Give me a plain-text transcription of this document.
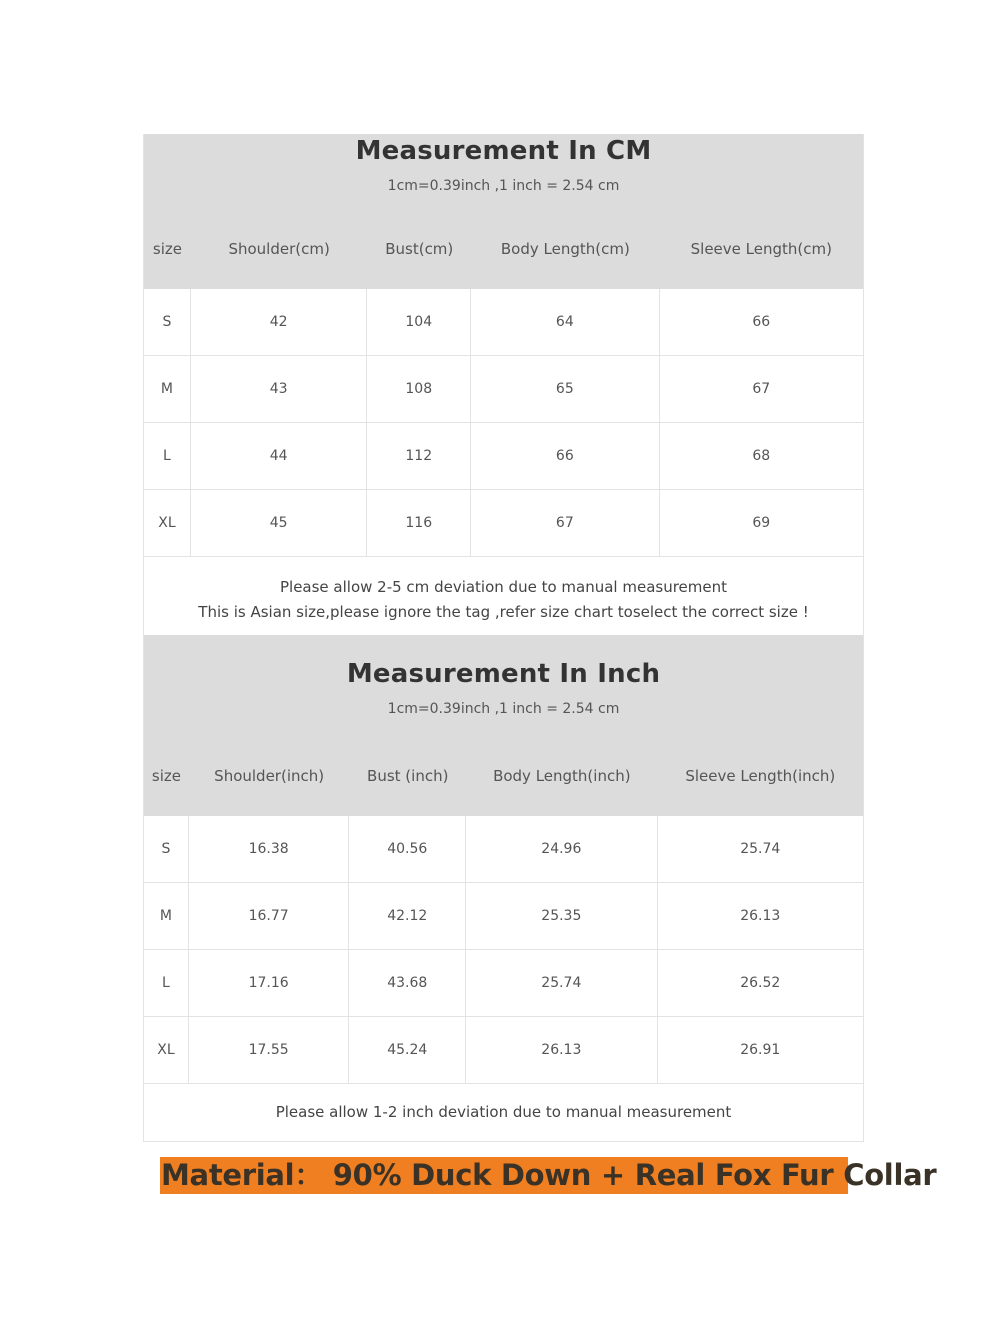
Measurement In CM
1cm=0.39inch ,1 inch = 2.54 cm
size	Shoulder(cm)	Bust(cm)	Body Length(cm)	Sleeve Length(cm)
S	42	104	64	66
M	43	108	65	67
L	44	112	66	68
XL	45	116	67	69
Please allow 2-5 cm deviation due to manual measurement
This is Asian size,please ignore the tag ,refer size chart toselect the correct size !
Measurement In Inch
1cm=0.39inch ,1 inch = 2.54 cm
size	Shoulder(inch)	Bust (inch)	Body Length(inch)	Sleeve Length(inch)
S	16.38	40.56	24.96	25.74
M	16.77	42.12	25.35	26.13
L	17.16	43.68	25.74	26.52
XL	17.55	45.24	26.13	26.91
Please allow 1-2 inch deviation due to manual measurement
Material： 90% Duck Down + Real Fox Fur Collar
